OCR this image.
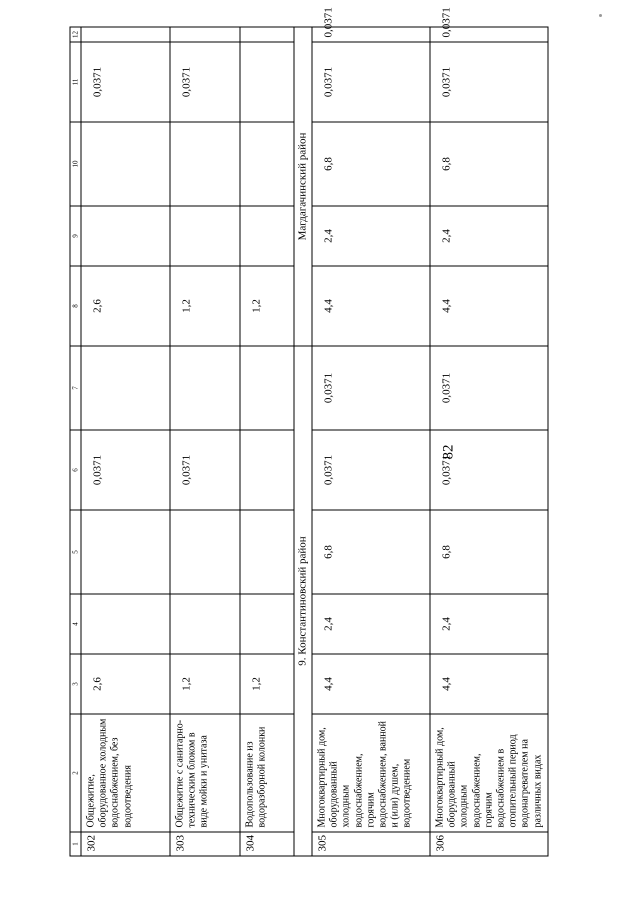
82
1	2	3	4	5	6	7	8	9	10	11	12
302	Общежитие, оборудованное холодным водоснабжением, без водоотведения	2,6			0,0371		2,6			0,0371	
303	Общежитие с санитарно-техническим блоком в виде мойки и унитаза	1,2			0,0371		1,2			0,0371	
304	Водопользование из водоразборной колонки	1,2					1,2				
9. Константиновский район							Магдагачинский район				
305	Многоквартирный дом, оборудованный холодным водоснабжением, горячим водоснабжением, ванной и (или) душем, водоотведением	4,4	2,4	6,8	0,0371	0,0371	4,4	2,4	6,8	0,0371	0,0371
306	Многоквартирный дом, оборудованный холодным водоснабжением, горячим водоснабжением в отопительный период водонагревателем на различных видах	4,4	2,4	6,8	0,0371	0,0371	4,4	2,4	6,8	0,0371	0,0371
